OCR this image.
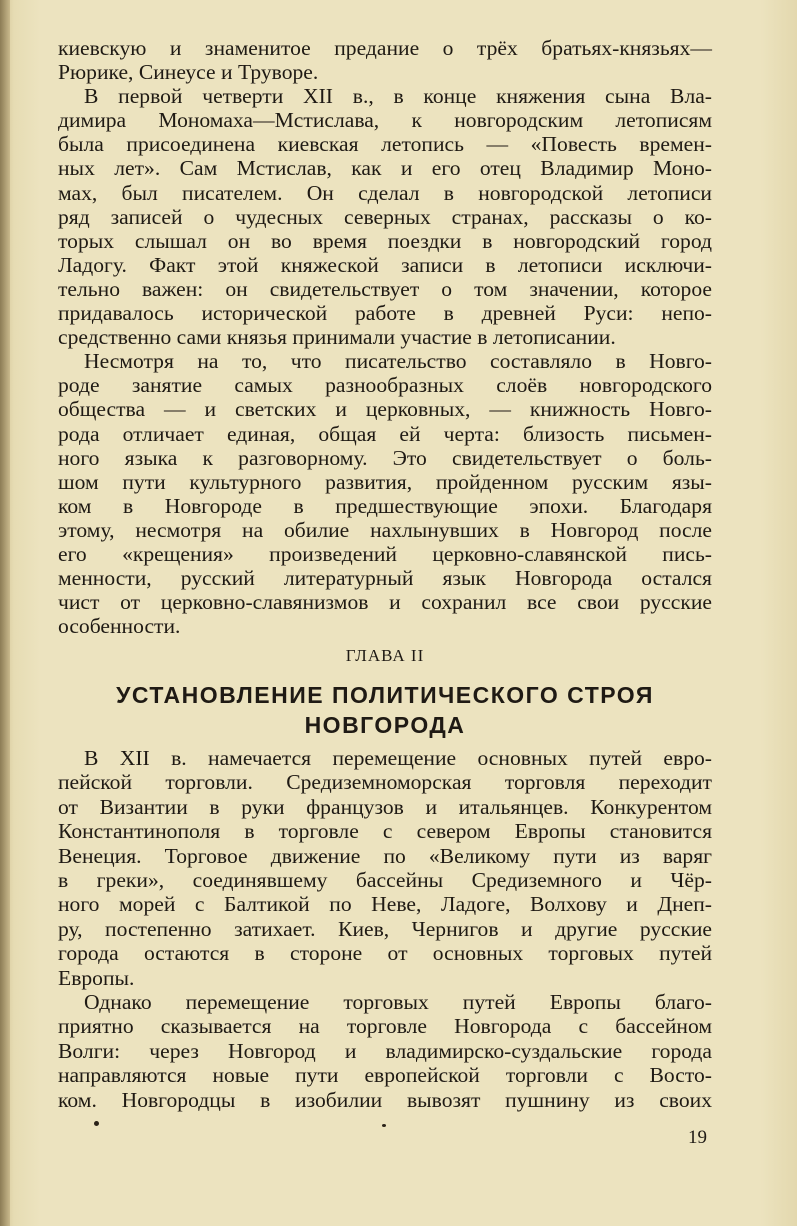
киевскую и знаменитое предание о трёх братьях-князьях—
Рюрике, Синеусе и Труворе.

В первой четверти XII в., в конце княжения сына Вла-
димира Мономаха—Мстислава, к новгородским летописям
была присоединена киевская летопись — «Повесть времен-
ных лет». Сам Мстислав, как и его отец Владимир Моно-
мах, был писателем. Он сделал в новгородской летописи
ряд записей о чудесных северных странах, рассказы о ко-
торых слышал он во время поездки в новгородский город
Ладогу. Факт этой княжеской записи в летописи исключи-
тельно важен: он свидетельствует о том значении, которое
придавалось исторической работе в древней Руси: непо-
средственно сами князья принимали участие в летописании.

Несмотря на то, что писательство составляло в Новго-
роде занятие самых разнообразных слоёв новгородского
общества — и светских и церковных, — книжность Новго-
рода отличает единая, общая ей черта: близость письмен-
ного языка к разговорному. Это свидетельствует о боль-
шом пути культурного развития, пройденном русским язы-
ком в Новгороде в предшествующие эпохи. Благодаря
этому, несмотря на обилие нахлынувших в Новгород после
его «крещения» произведений церковно-славянской пись-
менности, русский литературный язык Новгорода остался
чист от церковно-славянизмов и сохранил все свои русские
особенности.

ГЛАВА II
УСТАНОВЛЕНИЕ ПОЛИТИЧЕСКОГО СТРОЯ
НОВГОРОДА

В XII в. намечается перемещение основных путей евро-
пейской торговли. Средиземноморская торговля переходит
от Византии в руки французов и итальянцев. Конкурентом
Константинополя в торговле с севером Европы становится
Венеция. Торговое движение по «Великому пути из варяг
в греки», соединявшему бассейны Средиземного и Чёр-
ного морей с Балтикой по Неве, Ладоге, Волхову и Днеп-
ру, постепенно затихает. Киев, Чернигов и другие русские
города остаются в стороне от основных торговых путей
Европы.

Однако перемещение торговых путей Европы благо-
приятно сказывается на торговле Новгорода с бассейном
Волги: через Новгород и владимирско-суздальские города
направляются новые пути европейской торговли с Восто-
ком. Новгородцы в изобилии вывозят пушнину из своих

19
